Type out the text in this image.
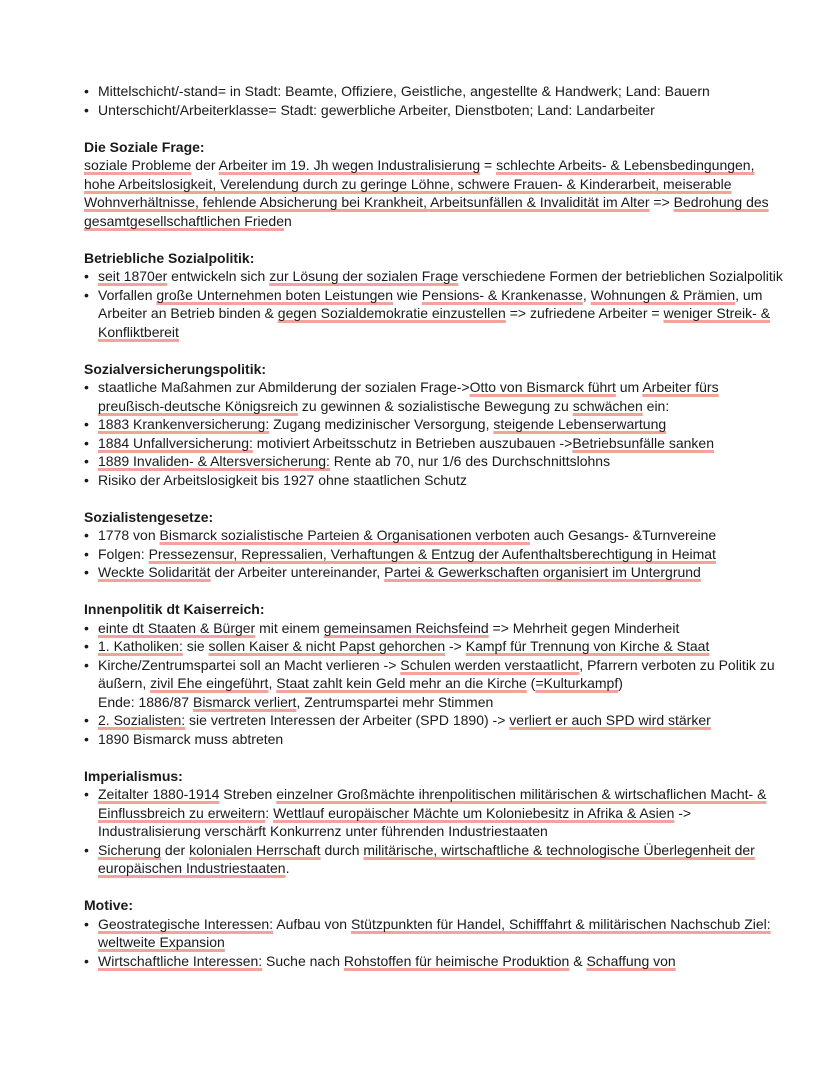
• Mittelschicht/-stand= in Stadt: Beamte, Offiziere, Geistliche, angestellte & Handwerk; Land: Bauern
• Unterschicht/Arbeiterklasse= Stadt: gewerbliche Arbeiter, Dienstboten; Land: Landarbeiter
Die Soziale Frage:

soziale Probleme der Arbeiter im 19. Jh wegen Industralisierung = schlechte Arbeits- & Lebensbedingungen, hohe Arbeitslosigkeit, Verelendung durch zu geringe Löhne, schwere Frauen- & Kinderarbeit, meiserable Wohnverhältnisse, fehlende Absicherung bei Krankheit, Arbeitsunfällen & Invalidität im Alter => Bedrohung des gesamtgesellschaftlichen Frieden

Betriebliche Sozialpolitik:
• seit 1870er entwickeln sich zur Lösung der sozialen Frage verschiedene Formen der betrieblichen Sozialpolitik
• Vorfallen große Unternehmen boten Leistungen wie Pensions- & Krankenasse, Wohnungen & Prämien, um Arbeiter an Betrieb binden & gegen Sozialdemokratie einzustellen => zufriedene Arbeiter = weniger Streik- & Konfliktbereit
Sozialversicherungspolitik:
• staatliche Maßahmen zur Abmilderung der sozialen Frage->Otto von Bismarck führt um Arbeiter fürs preußisch-deutsche Königsreich zu gewinnen & sozialistische Bewegung zu schwächen ein:
• 1883 Krankenversicherung: Zugang medizinischer Versorgung, steigende Lebenserwartung
• 1884 Unfallversicherung: motiviert Arbeitsschutz in Betrieben auszubauen ->Betriebsunfälle sanken
• 1889 Invaliden- & Altersversicherung: Rente ab 70, nur 1/6 des Durchschnittslohns
• Risiko der Arbeitslosigkeit bis 1927 ohne staatlichen Schutz
Sozialistengesetze:
• 1778 von Bismarck sozialistische Parteien & Organisationen verboten auch Gesangs- &Turnvereine
• Folgen: Pressezensur, Repressalien, Verhaftungen & Entzug der Aufenthaltsberechtigung in Heimat
• Weckte Solidarität der Arbeiter untereinander, Partei & Gewerkschaften organisiert im Untergrund
Innenpolitik dt Kaiserreich:
• einte dt Staaten & Bürger mit einem gemeinsamen Reichsfeind => Mehrheit gegen Minderheit
• 1. Katholiken: sie sollen Kaiser & nicht Papst gehorchen -> Kampf für Trennung von Kirche & Staat
• Kirche/Zentrumspartei soll an Macht verlieren -> Schulen werden verstaatlicht, Pfarrern verboten zu Politik zu äußern, zivil Ehe eingeführt, Staat zahlt kein Geld mehr an die Kirche (=Kulturkampf)
Ende: 1886/87 Bismarck verliert, Zentrumspartei mehr Stimmen
• 2. Sozialisten: sie vertreten Interessen der Arbeiter (SPD 1890) -> verliert er auch SPD wird stärker
• 1890 Bismarck muss abtreten
Imperialismus:
• Zeitalter 1880-1914 Streben einzelner Großmächte ihrenpolitischen militärischen & wirtschaflichen Macht- & Einflussbreich zu erweitern: Wettlauf europäischer Mächte um Koloniebesitz in Afrika & Asien -> Industralisierung verschärft Konkurrenz unter führenden Industriestaaten
• Sicherung der kolonialen Herrschaft durch militärische, wirtschaftliche & technologische Überlegenheit der europäischen Industriestaaten.
Motive:
• Geostrategische Interessen: Aufbau von Stützpunkten für Handel, Schifffahrt & militärischen Nachschub Ziel: weltweite Expansion
• Wirtschaftliche Interessen: Suche nach Rohstoffen für heimische Produktion & Schaffung von
